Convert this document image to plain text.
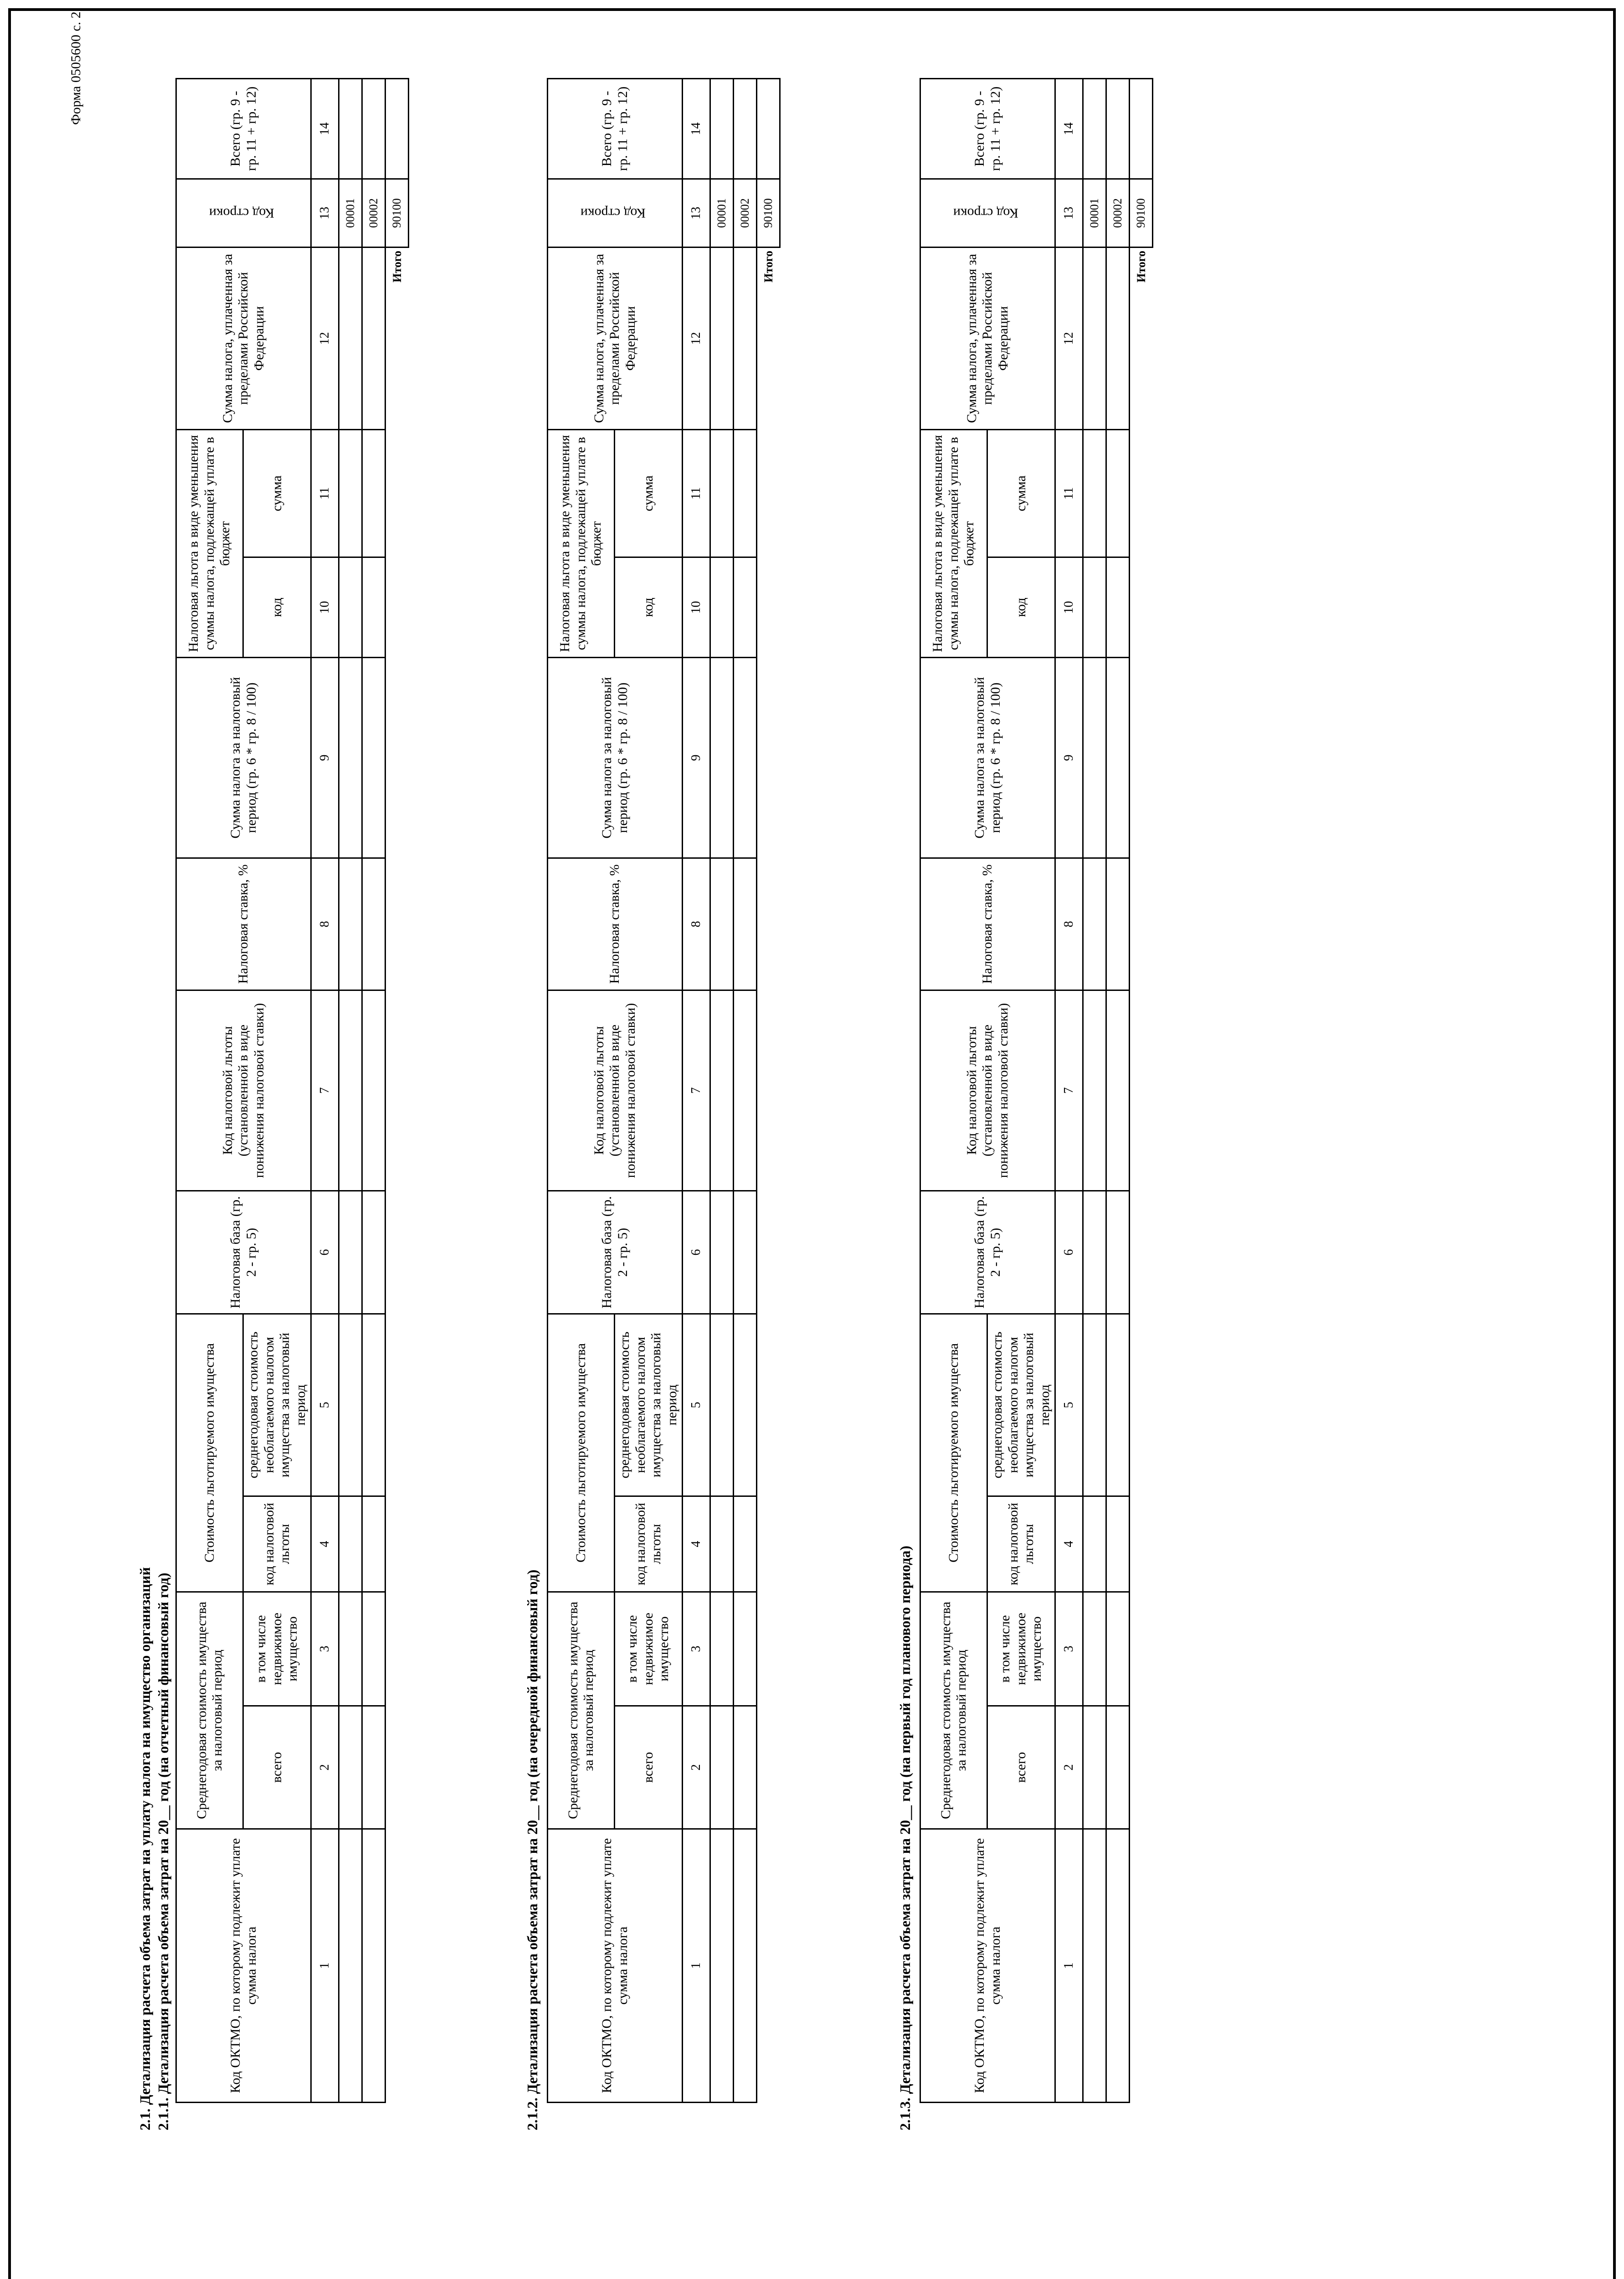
Форма 0505600 с. 2
2.1. Детализация расчета объема затрат на уплату налога на имущество организаций 2.1.1. Детализация расчета объема затрат на 20__ год (на отчетный финансовый год)	2.1.2. Детализация расчета объема затрат на 20__ год (на очередной финансовый год)	2.1.3. Детализация расчета объема затрат на 20__ год (на первый год планового периода)
Код ОКТМО, по которому подлежит уплате сумма налога	Среднегодовая стоимость имущества за налоговый период		Стоимость льготируемого имущества		Налоговая база (гр. 2 - гр. 5)	Код налоговой льготы (установленной в виде понижения налоговой ставки)	Налоговая ставка, %	Сумма налога за налоговый период (гр. 6 * гр. 8 / 100)	Налоговая льгота в виде уменьшения суммы налога, подлежащей уплате в бюджет		Сумма налога, уплаченная за пределами Российской Федерации	Код строки	Всего (гр. 9 - гр. 11 + гр. 12)
	всего	в том числе недвижимое имущество	код налоговой льготы	среднегодовая стоимость необлагаемого налогом имущества за налоговый период					код	сумма			
1	2	3	4	5	6	7	8	9	10	11	12	13	14
												00001	
												00002	
											Итого	90100	
Код ОКТМО, по которому подлежит уплате сумма налога	Среднегодовая стоимость имущества за налоговый период		Стоимость льготируемого имущества		Налоговая база (гр. 2 - гр. 5)	Код налоговой льготы (установленной в виде понижения налоговой ставки)	Налоговая ставка, %	Сумма налога за налоговый период (гр. 6 * гр. 8 / 100)	Налоговая льгота в виде уменьшения суммы налога, подлежащей уплате в бюджет		Сумма налога, уплаченная за пределами Российской Федерации	Код строки	Всего (гр. 9 - гр. 11 + гр. 12)
	всего	в том числе недвижимое имущество	код налоговой льготы	среднегодовая стоимость необлагаемого налогом имущества за налоговый период					код	сумма			
1	2	3	4	5	6	7	8	9	10	11	12	13	14
												00001	
												00002	
											Итого	90100	
Код ОКТМО, по которому подлежит уплате сумма налога	Среднегодовая стоимость имущества за налоговый период		Стоимость льготируемого имущества		Налоговая база (гр. 2 - гр. 5)	Код налоговой льготы (установленной в виде понижения налоговой ставки)	Налоговая ставка, %	Сумма налога за налоговый период (гр. 6 * гр. 8 / 100)	Налоговая льгота в виде уменьшения суммы налога, подлежащей уплате в бюджет		Сумма налога, уплаченная за пределами Российской Федерации	Код строки	Всего (гр. 9 - гр. 11 + гр. 12)
	всего	в том числе недвижимое имущество	код налоговой льготы	среднегодовая стоимость необлагаемого налогом имущества за налоговый период					код	сумма			
1	2	3	4	5	6	7	8	9	10	11	12	13	14
												00001	
												00002	
											Итого	90100	
